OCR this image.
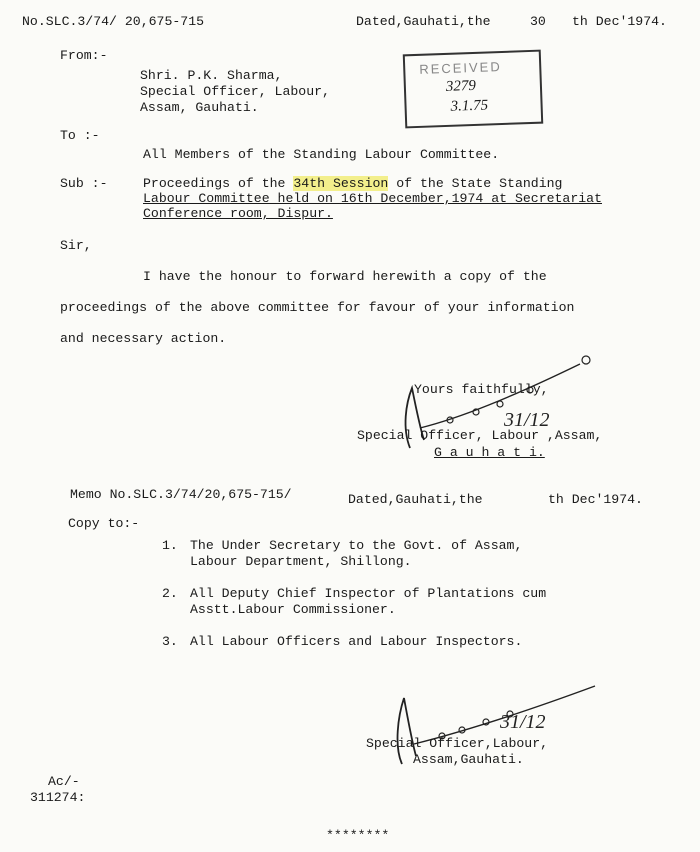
No.SLC.3/74/ 20,675-715	Dated,Gauhati,the	30 th Dec'1974.
From:-
Shri. P.K. Sharma,
Special Officer, Labour,
Assam, Gauhati.
RECEIVED
3279
3.1.75
To :-
All Members of the Standing Labour Committee.
Sub :-	Proceedings of the 34th Session of the State Standing
Labour Committee held on 16th December,1974 at Secretariat
Conference room, Dispur.
Sir,
I have the honour to forward herewith a copy of the
proceedings of the above committee for favour of your information
and necessary action.
31/12
Yours faithfully,
Special Officer, Labour ,Assam,
G a u h a t i.
Memo No.SLC.3/74/20,675-715/	Dated,Gauhati,the	th Dec'1974.
Copy to:-
1. The Under Secretary to the Govt. of Assam,
Labour Department, Shillong.
2. All Deputy Chief Inspector of Plantations cum
Asstt.Labour Commissioner.
3. All Labour Officers and Labour Inspectors.
31/12
Special Officer,Labour,
Assam,Gauhati.
Ac/-
311274:
********
